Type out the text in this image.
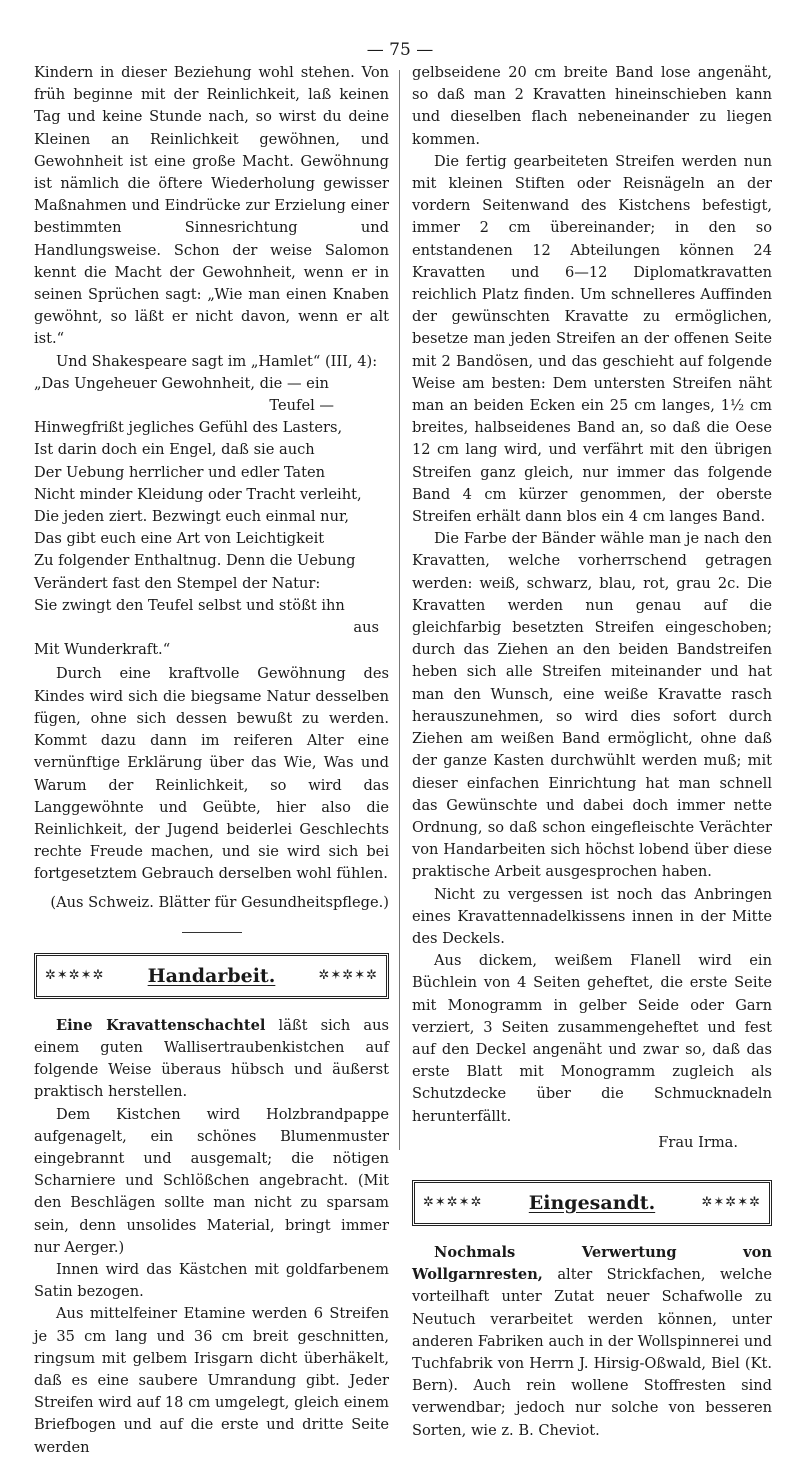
— 75 —

Kindern in dieser Beziehung wohl stehen. Von früh beginne mit der Reinlichkeit, laß keinen Tag und keine Stunde nach, so wirst du deine Kleinen an Reinlichkeit gewöhnen, und Gewohnheit ist eine große Macht. Gewöhnung ist nämlich die öftere Wiederholung gewisser Maßnahmen und Eindrücke zur Erzielung einer bestimmten Sinnesrichtung und Handlungsweise. Schon der weise Salomon kennt die Macht der Gewohnheit, wenn er in seinen Sprüchen sagt: „Wie man einen Knaben gewöhnt, so läßt er nicht davon, wenn er alt ist.“

Und Shakespeare sagt im „Hamlet“ (III, 4):

„Das Ungeheuer Gewohnheit, die — ein
Teufel —
Hinwegfrißt jegliches Gefühl des Lasters,
Ist darin doch ein Engel, daß sie auch
Der Uebung herrlicher und edler Taten
Nicht minder Kleidung oder Tracht verleiht,
Die jeden ziert. Bezwingt euch einmal nur,
Das gibt euch eine Art von Leichtigkeit
Zu folgender Enthaltnug. Denn die Uebung
Verändert fast den Stempel der Natur:
Sie zwingt den Teufel selbst und stößt ihn
aus
Mit Wunderkraft.“

Durch eine kraftvolle Gewöhnung des Kindes wird sich die biegsame Natur desselben fügen, ohne sich dessen bewußt zu werden. Kommt dazu dann im reiferen Alter eine vernünftige Erklärung über das Wie, Was und Warum der Reinlichkeit, so wird das Langgewöhnte und Geübte, hier also die Reinlichkeit, der Jugend beiderlei Geschlechts rechte Freude machen, und sie wird sich bei fortgesetztem Gebrauch derselben wohl fühlen.

(Aus Schweiz. Blätter für Gesundheitspflege.)

✲✶✲✶✲ Handarbeit.	✲✶✲✶✲

Eine Kravattenschachtel läßt sich aus einem guten Wallisertraubenkistchen auf folgende Weise überaus hübsch und äußerst praktisch herstellen.

Dem Kistchen wird Holzbrandpappe aufgenagelt, ein schönes Blumenmuster eingebrannt und ausgemalt; die nötigen Scharniere und Schlößchen angebracht. (Mit den Beschlägen sollte man nicht zu sparsam sein, denn unsolides Material, bringt immer nur Aerger.)

Innen wird das Kästchen mit goldfarbenem Satin bezogen.

Aus mittelfeiner Etamine werden 6 Streifen je 35 cm lang und 36 cm breit geschnitten, ringsum mit gelbem Irisgarn dicht überhäkelt, daß es eine saubere Umrandung gibt. Jeder Streifen wird auf 18 cm umgelegt, gleich einem Briefbogen und auf die erste und dritte Seite werden

gelbseidene 20 cm breite Band lose angenäht, so daß man 2 Kravatten hineinschieben kann und dieselben flach nebeneinander zu liegen kommen.

Die fertig gearbeiteten Streifen werden nun mit kleinen Stiften oder Reisnägeln an der vordern Seitenwand des Kistchens befestigt, immer 2 cm übereinander; in den so entstandenen 12 Abteilungen können 24 Kravatten und 6—12 Diplomatkravatten reichlich Platz finden. Um schnelleres Auffinden der gewünschten Kravatte zu ermöglichen, besetze man jeden Streifen an der offenen Seite mit 2 Bandösen, und das geschieht auf folgende Weise am besten: Dem untersten Streifen näht man an beiden Ecken ein 25 cm langes, 1½ cm breites, halbseidenes Band an, so daß die Oese 12 cm lang wird, und verfährt mit den übrigen Streifen ganz gleich, nur immer das folgende Band 4 cm kürzer genommen, der oberste Streifen erhält dann blos ein 4 cm langes Band.

Die Farbe der Bänder wähle man je nach den Kravatten, welche vorherrschend getragen werden: weiß, schwarz, blau, rot, grau 2c. Die Kravatten werden nun genau auf die gleichfarbig besetzten Streifen eingeschoben; durch das Ziehen an den beiden Bandstreifen heben sich alle Streifen miteinander und hat man den Wunsch, eine weiße Kravatte rasch herauszunehmen, so wird dies sofort durch Ziehen am weißen Band ermöglicht, ohne daß der ganze Kasten durchwühlt werden muß; mit dieser einfachen Einrichtung hat man schnell das Gewünschte und dabei doch immer nette Ordnung, so daß schon eingefleischte Verächter von Handarbeiten sich höchst lobend über diese praktische Arbeit ausgesprochen haben.

Nicht zu vergessen ist noch das Anbringen eines Kravattennadelkissens innen in der Mitte des Deckels.

Aus dickem, weißem Flanell wird ein Büchlein von 4 Seiten geheftet, die erste Seite mit Monogramm in gelber Seide oder Garn verziert, 3 Seiten zusammengeheftet und fest auf den Deckel angenäht und zwar so, daß das erste Blatt mit Monogramm zugleich als Schutzdecke über die Schmucknadeln herunterfällt.

Frau Irma.

✲✶✲✶✲ Eingesandt.	✲✶✲✶✲

Nochmals Verwertung von Wollgarnresten, alter Strickfachen, welche vorteilhaft unter Zutat neuer Schafwolle zu Neutuch verarbeitet werden können, unter anderen Fabriken auch in der Wollspinnerei und Tuchfabrik von Herrn J. Hirsig-Oßwald, Biel (Kt. Bern). Auch rein wollene Stoffresten sind verwendbar; jedoch nur solche von besseren Sorten, wie z. B. Cheviot.
